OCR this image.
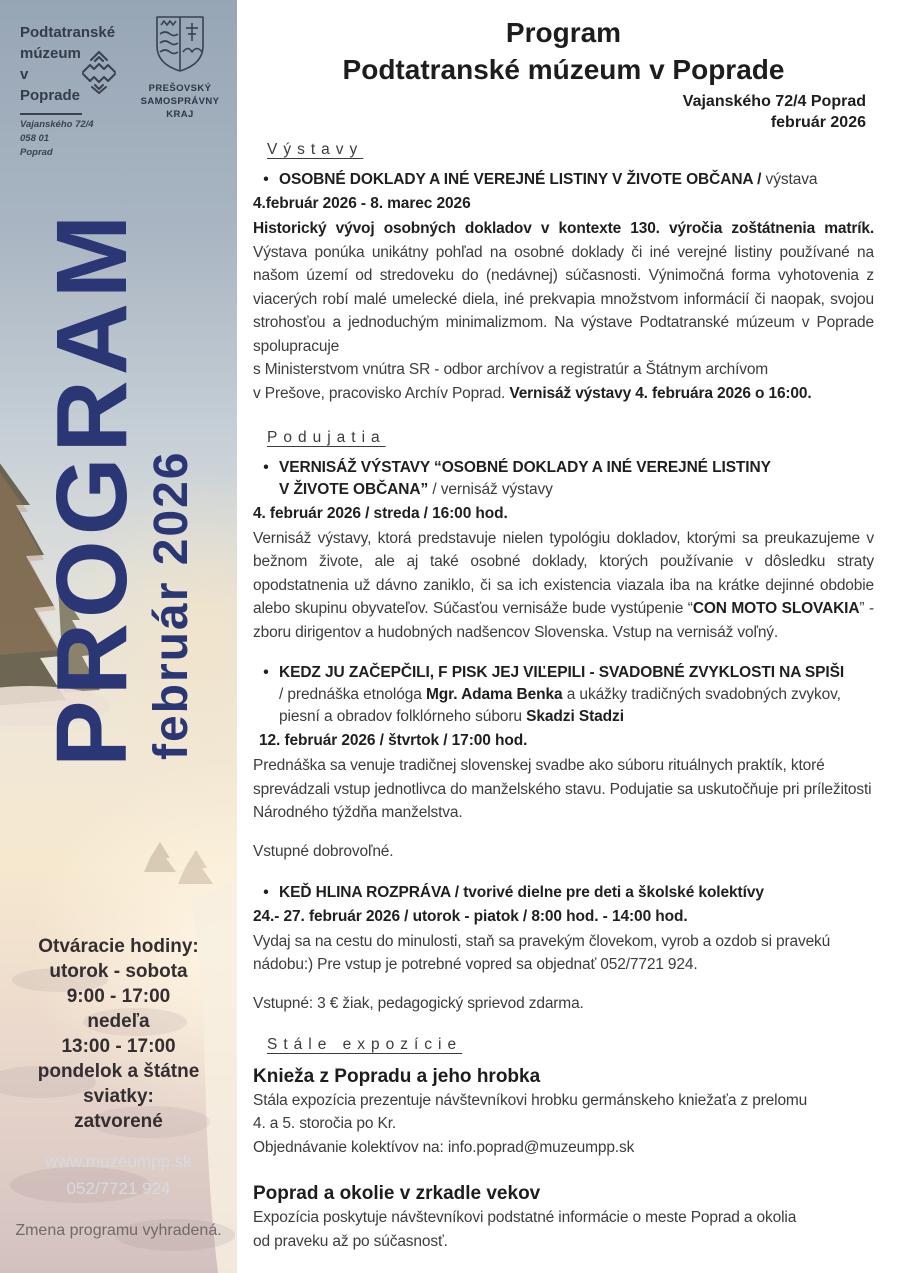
Podtatranské
múzeum
v
Poprade
Vajanského 72/4
058 01
Poprad
PREŠOVSKÝ
SAMOSPRÁVNY
KRAJ
PROGRAM
február 2026
Otváracie hodiny:
utorok - sobota
9:00 - 17:00
nedeľa
13:00 - 17:00
pondelok a štátne
sviatky:
zatvorené
www.muzeumpp.sk
052/7721 924
Zmena programu vyhradená.
Program
Podtatranské múzeum v Poprade
Vajanského 72/4 Poprad
február 2026
Výstavy
• OSOBNÉ DOKLADY A INÉ VEREJNÉ LISTINY V ŽIVOTE OBČANA / výstava
4.február 2026 - 8. marec 2026

Historický vývoj osobných dokladov v kontexte 130. výročia zoštátnenia matrík. Výstava ponúka unikátny pohľad na osobné doklady či iné verejné listiny používané na našom území od stredoveku do (nedávnej) súčasnosti. Výnimočná forma vyhotovenia z viacerých robí malé umelecké diela, iné prekvapia množstvom informácií či naopak, svojou strohosťou a jednoduchým minimalizmom. Na výstave Podtatranské múzeum v Poprade spolupracuje
s Ministerstvom vnútra SR - odbor archívov a registratúr a Štátnym archívom
v Prešove, pracovisko Archív Poprad. Vernisáž výstavy 4. februára 2026 o 16:00.

Podujatia
• VERNISÁŽ VÝSTAVY “OSOBNÉ DOKLADY A INÉ VEREJNÉ LISTINY
V ŽIVOTE OBČANA” / vernisáž výstavy
4. február 2026 / streda / 16:00 hod.

Vernisáž výstavy, ktorá predstavuje nielen typológiu dokladov, ktorými sa preukazujeme v bežnom živote, ale aj také osobné doklady, ktorých používanie v dôsledku straty opodstatnenia už dávno zaniklo, či sa ich existencia viazala iba na krátke dejinné obdobie alebo skupinu obyvateľov. Súčasťou vernisáže bude vystúpenie “CON MOTO SLOVAKIA” - zboru dirigentov a hudobných nadšencov Slovenska. Vstup na vernisáž voľný.

• KEDZ JU ZAČEPČILI, F PISK JEJ VIĽEPILI - SVADOBNÉ ZVYKLOSTI NA SPIŠI
/ prednáška etnológa Mgr. Adama Benka a ukážky tradičných svadobných zvykov, piesní a obradov folklórneho súboru Skadzi Stadzi
12. február 2026 / štvrtok / 17:00 hod.

Prednáška sa venuje tradičnej slovenskej svadbe ako súboru rituálnych praktík, ktoré sprevádzali vstup jednotlivca do manželského stavu. Podujatie sa uskutočňuje pri príležitosti Národného týždňa manželstva.

Vstupné dobrovoľné.
• KEĎ HLINA ROZPRÁVA / tvorivé dielne pre deti a školské kolektívy
24.- 27. február 2026 / utorok - piatok / 8:00 hod. - 14:00 hod.

Vydaj sa na cestu do minulosti, staň sa pravekým človekom, vyrob a ozdob si pravekú nádobu:) Pre vstup je potrebné vopred sa objednať 052/7721 924.

Vstupné: 3 € žiak, pedagogický sprievod zdarma.
Stále expozície
Knieža z Popradu a jeho hrobka
Stála expozícia prezentuje návštevníkovi hrobku germánskeho kniežaťa z prelomu 4. a 5. storočia po Kr.
Objednávanie kolektívov na: info.poprad@muzeumpp.sk
Poprad a okolie v zrkadle vekov
Expozícia poskytuje návštevníkovi podstatné informácie o meste Poprad a okolia od praveku až po súčasnosť.
